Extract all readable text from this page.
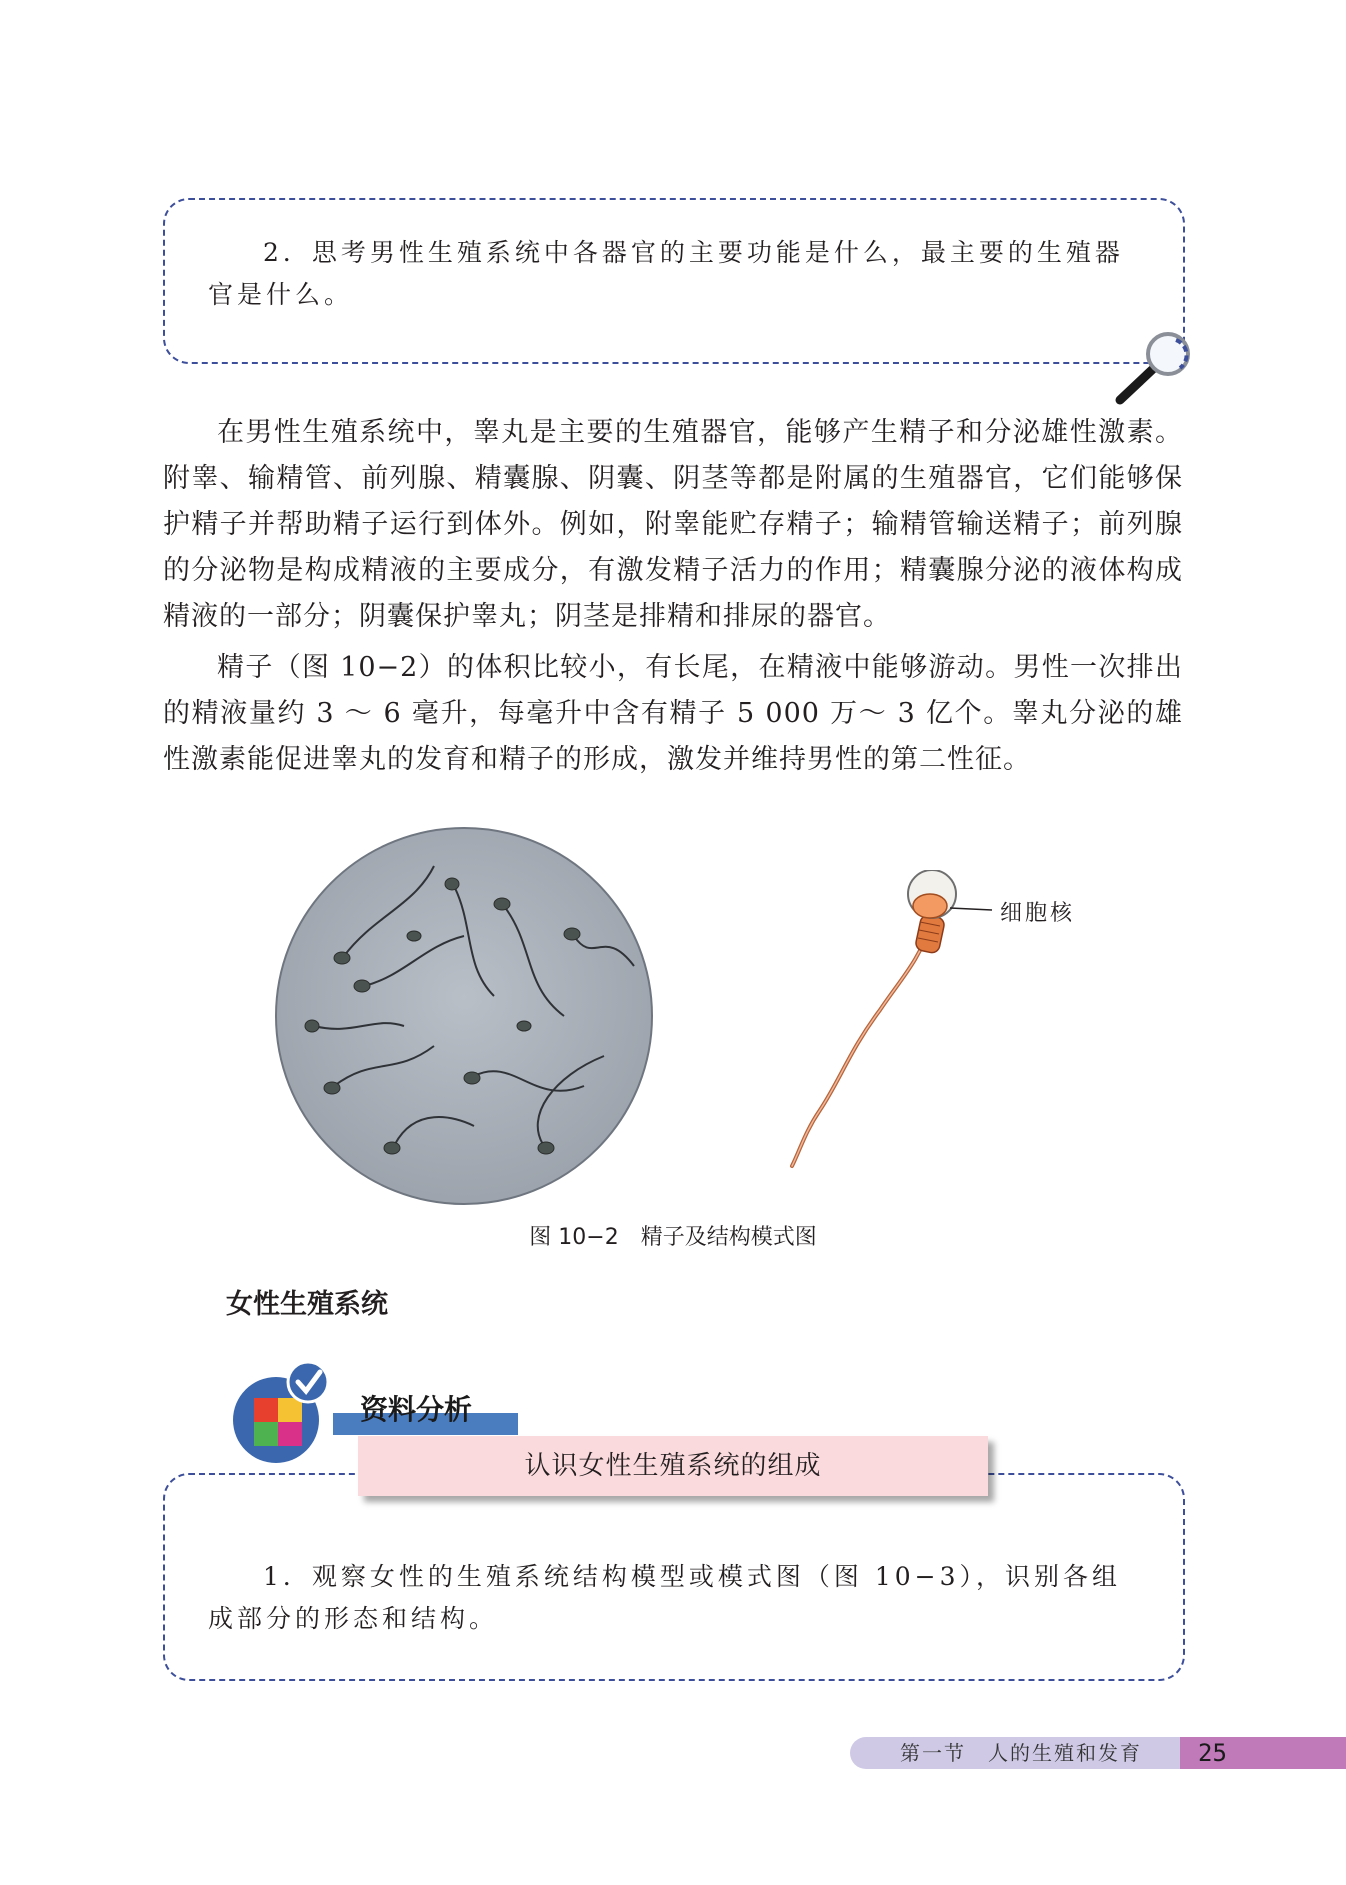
2．思考男性生殖系统中各器官的主要功能是什么，最主要的生殖器官是什么。
在男性生殖系统中，睾丸是主要的生殖器官，能够产生精子和分泌雄性激素。附睾、输精管、前列腺、精囊腺、阴囊、阴茎等都是附属的生殖器官，它们能够保护精子并帮助精子运行到体外。例如，附睾能贮存精子；输精管输送精子；前列腺的分泌物是构成精液的主要成分，有激发精子活力的作用；精囊腺分泌的液体构成精液的一部分；阴囊保护睾丸；阴茎是排精和排尿的器官。
精子（图 10−2）的体积比较小，有长尾，在精液中能够游动。男性一次排出的精液量约 3 ～ 6 毫升，每毫升中含有精子 5 000 万～ 3 亿个。睾丸分泌的雄性激素能促进睾丸的发育和精子的形成，激发并维持男性的第二性征。
细胞核
图 10−2　精子及结构模式图
女性生殖系统
资料分析
认识女性生殖系统的组成
1．观察女性的生殖系统结构模型或模式图（图 10−3），识别各组成部分的形态和结构。
第一节　人的生殖和发育	25
